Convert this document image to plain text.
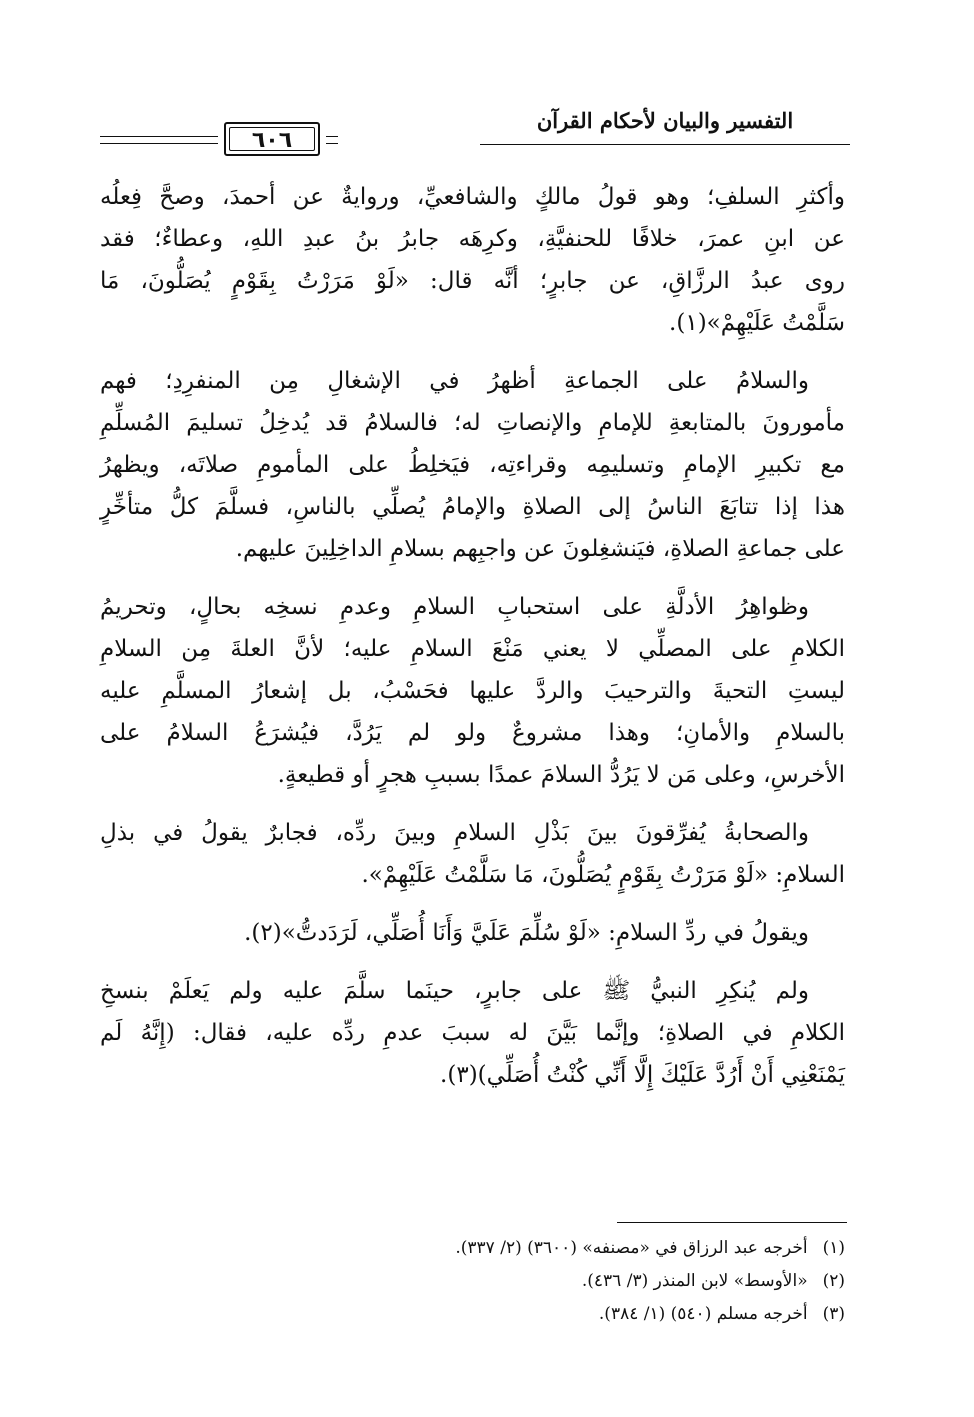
٦٠٦
التفسير والبيان لأحكام القرآن
وأكثرِ السلفِ؛ وهو قولُ مالكٍ والشافعيِّ، وروايةٌ عن أحمدَ، وصحَّ فِعلُه
عن ابنِ عمرَ، خلافًا للحنفيَّةِ، وكرِهَه جابرُ بنُ عبدِ اللهِ، وعطاءٌ؛ فقد
روى عبدُ الرزَّاقِ، عن جابرٍ؛ أنَّه قال: «لَوْ مَرَرْتُ بِقَوْمٍ يُصَلُّونَ، مَا
سَلَّمْتُ عَلَيْهِمْ»(١).
والسلامُ على الجماعةِ أظهرُ في الإشغالِ مِن المنفرِدِ؛ فهم
مأمورونَ بالمتابعةِ للإمامِ والإنصاتِ له؛ فالسلامُ قد يُدخِلُ تسليمَ المُسلِّمِ
مع تكبيرِ الإمامِ وتسليمِه وقراءتِه، فيَخلِطُ على المأمومِ صلاتَه، ويظهرُ
هذا إذا تتابَعَ الناسُ إلى الصلاةِ والإمامُ يُصلِّي بالناسِ، فسلَّمَ كلُّ متأخِّرٍ
على جماعةِ الصلاةِ، فيَنشغِلونَ عن واجبِهم بسلامِ الداخِلِينَ عليهم.
وظواهِرُ الأدلَّةِ على استحبابِ السلامِ وعدمِ نسخِه بحالٍ، وتحريمُ
الكلامِ على المصلِّي لا يعني مَنْعَ السلامِ عليه؛ لأنَّ العلةَ مِن السلامِ
ليستِ التحيةَ والترحيبَ والردَّ عليها فحَسْبُ، بل إشعارُ المسلَّمِ عليه
بالسلامِ والأمانِ؛ وهذا مشروعٌ ولو لم يَرُدَّ، فيُشرَعُ السلامُ على
الأخرسِ، وعلى مَن لا يَرُدُّ السلامَ عمدًا بسببِ هجرٍ أو قطيعةٍ.
والصحابةُ يُفرِّقونَ بينَ بَذْلِ السلامِ وبينَ ردِّه، فجابرٌ يقولُ في بذلِ
السلامِ: «لَوْ مَرَرْتُ بِقَوْمٍ يُصَلُّونَ، مَا سَلَّمْتُ عَلَيْهِمْ».
ويقولُ في ردِّ السلامِ: «لَوْ سُلِّمَ عَلَيَّ وَأَنَا أُصَلِّي، لَرَدَدتُّ»(٢).
ولم يُنكِرِ النبيُّ ﷺ على جابرٍ، حينَما سلَّمَ عليه ولم يَعلَمْ بنسخِ
الكلامِ في الصلاةِ؛ وإنَّما بَيَّنَ له سببَ عدمِ ردِّه عليه، فقال: (إِنَّهُ لَم
يَمْنَعْنِي أَنْ أَرُدَّ عَلَيْكَ إِلَّا أَنِّي كُنْتُ أُصَلِّي)(٣).
(١) أخرجه عبد الرزاق في «مصنفه» (٣٦٠٠) (٢/ ٣٣٧).
(٢) «الأوسط» لابن المنذر (٣/ ٤٣٦).
(٣) أخرجه مسلم (٥٤٠) (١/ ٣٨٤).
